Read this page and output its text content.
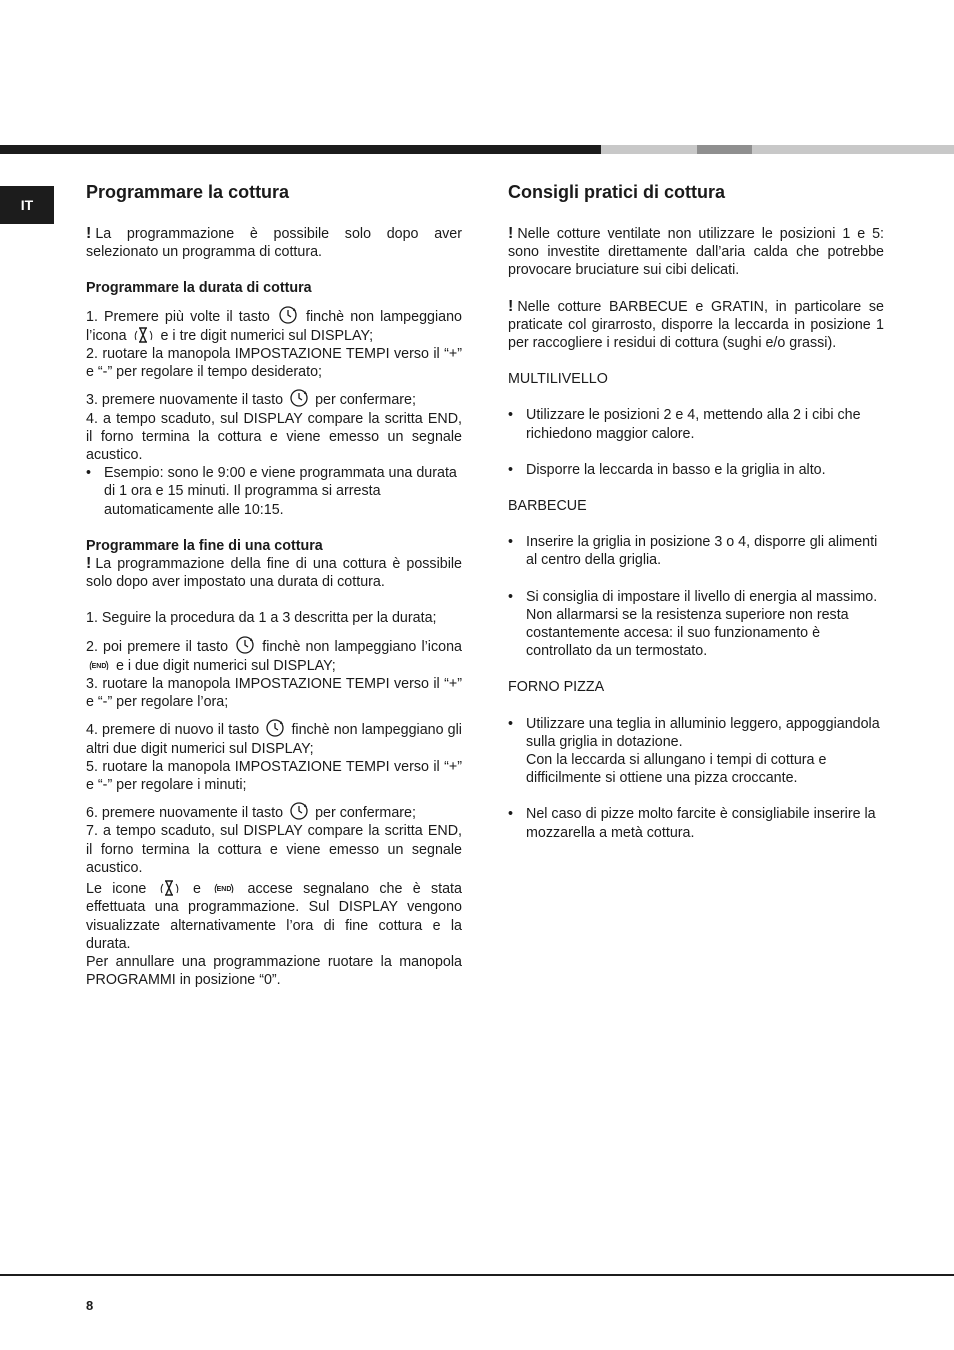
IT
Programmare la cottura

! La programmazione è possibile solo dopo aver selezionato un programma di cottura.

Programmare la durata di cottura

1. Premere più volte il tasto	finchè non lampeggiano l’icona e i tre digit numerici sul DISPLAY;

2. ruotare la manopola IMPOSTAZIONE TEMPI verso il “+” e “-” per regolare il tempo desiderato;

3. premere nuovamente il tasto per confermare;

4. a tempo scaduto, sul DISPLAY compare la scritta END, il forno termina la cottura e viene emesso un segnale acustico.

• Esempio: sono le 9:00 e viene programmata una durata di 1 ora e 15 minuti. Il programma si arresta automaticamente alle 10:15.
Programmare la fine di una cottura

! La programmazione della fine di una cottura è possibile solo dopo aver impostato una durata di cottura.

1. Seguire la procedura da 1 a 3 descritta per la durata;

2. poi premere il tasto finchè non lampeggiano l’icona
END e i due digit numerici sul DISPLAY;

3. ruotare la manopola IMPOSTAZIONE TEMPI verso il “+” e “-” per regolare l’ora;

4. premere di nuovo il tasto finchè non lampeggiano gli altri due digit numerici sul DISPLAY;

5. ruotare la manopola IMPOSTAZIONE TEMPI verso il “+” e “-” per regolare i minuti;

6. premere nuovamente il tasto per confermare;

7. a tempo scaduto, sul DISPLAY compare la scritta END, il forno termina la cottura e viene emesso un segnale acustico.

Le icone	e END accese segnalano che è stata effettuata una programmazione. Sul DISPLAY vengono visualizzate alternativamente l’ora di fine cottura e la durata.

Per annullare una programmazione ruotare la manopola PROGRAMMI in posizione “0”.

Consigli pratici di cottura

! Nelle cotture ventilate non utilizzare le posizioni 1 e 5: sono investite direttamente dall’aria calda che potrebbe provocare bruciature sui cibi delicati.

! Nelle cotture BARBECUE e GRATIN, in particolare se praticate col girarrosto, disporre la leccarda in posizione 1 per raccogliere i residui di cottura (sughi e/o grassi).

MULTILIVELLO

• Utilizzare le posizioni 2 e 4, mettendo alla 2 i cibi che richiedono maggior calore.
• Disporre la leccarda in basso e la griglia in alto.

BARBECUE

• Inserire la griglia in posizione 3 o 4, disporre gli alimenti al centro della griglia.
• Si consiglia di impostare il livello di energia al massimo. Non allarmarsi se la resistenza superiore non resta costantemente accesa: il suo funzionamento è controllato da un termostato.

FORNO PIZZA

• Utilizzare una teglia in alluminio leggero, appoggiandola sulla griglia in dotazione.
Con la leccarda si allungano i tempi di cottura e difficilmente si ottiene una pizza croccante.
• Nel caso di pizze molto farcite è consigliabile inserire la mozzarella a metà cottura.
8
